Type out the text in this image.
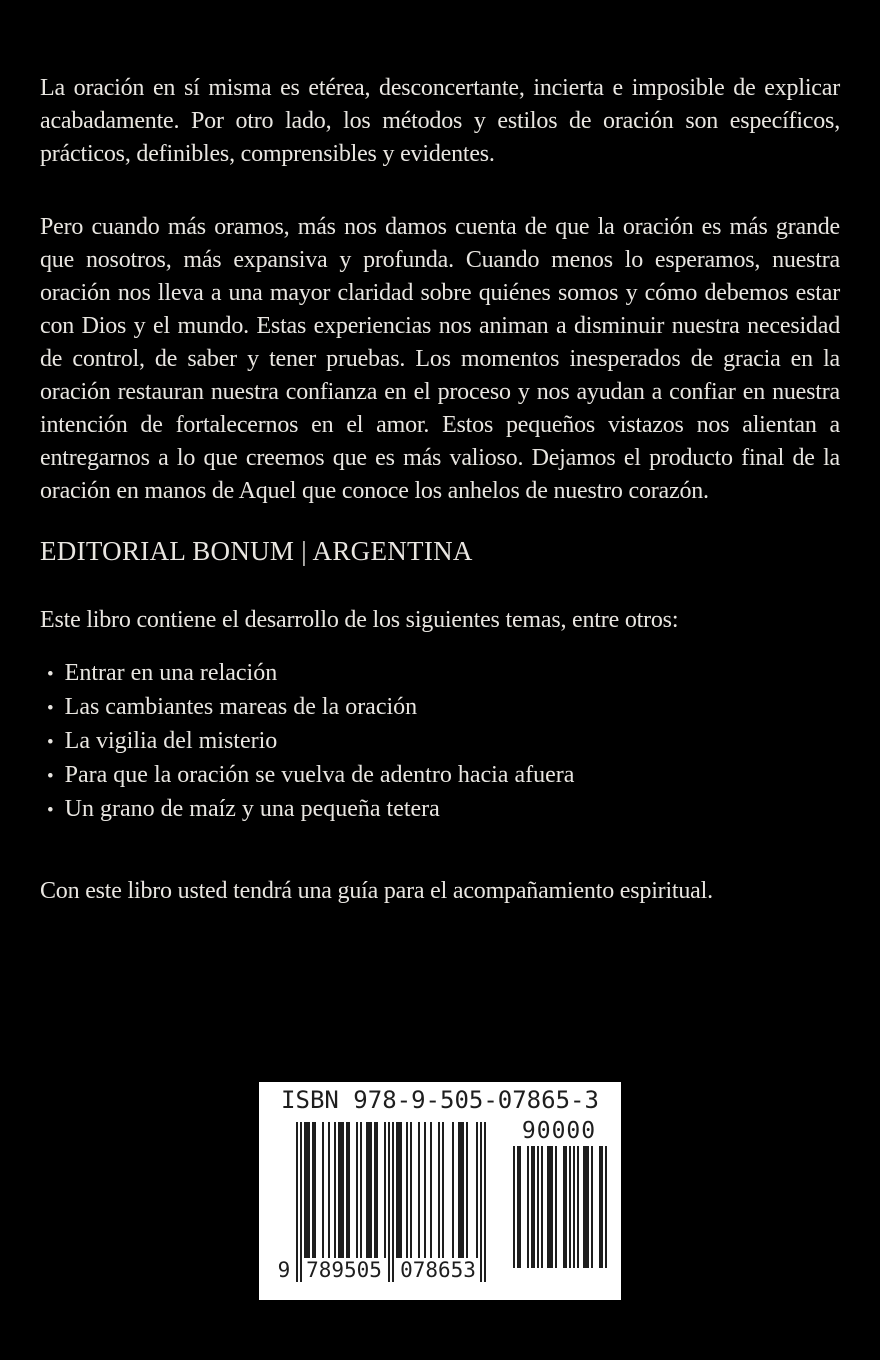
La oración en sí misma es etérea, desconcertante, incierta e imposible de explicar acabadamente. Por otro lado, los métodos y estilos de oración son específicos, prácticos, definibles, comprensibles y evidentes.

Pero cuando más oramos, más nos damos cuenta de que la oración es más grande que nosotros, más expansiva y profunda. Cuando menos lo esperamos, nuestra oración nos lleva a una mayor claridad sobre quiénes somos y cómo debemos estar con Dios y el mundo. Estas experiencias nos animan a disminuir nuestra necesidad de control, de saber y tener pruebas. Los momentos inesperados de gracia en la oración restauran nuestra confianza en el proceso y nos ayudan a confiar en nuestra intención de fortalecernos en el amor. Estos pequeños vistazos nos alientan a entregarnos a lo que creemos que es más valioso. Dejamos el producto final de la oración en manos de Aquel que conoce los anhelos de nuestro corazón.

EDITORIAL BONUM | ARGENTINA

Este libro contiene el desarrollo de los siguientes temas, entre otros:

• Entrar en una relación
• Las cambiantes mareas de la oración
• La vigilia del misterio
• Para que la oración se vuelva de adentro hacia afuera
• Un grano de maíz y una pequeña tetera

Con este libro usted tendrá una guía para el acompañamiento espiritual.

ISBN 978-9-505-07865-3
9 789505 078653
90000
